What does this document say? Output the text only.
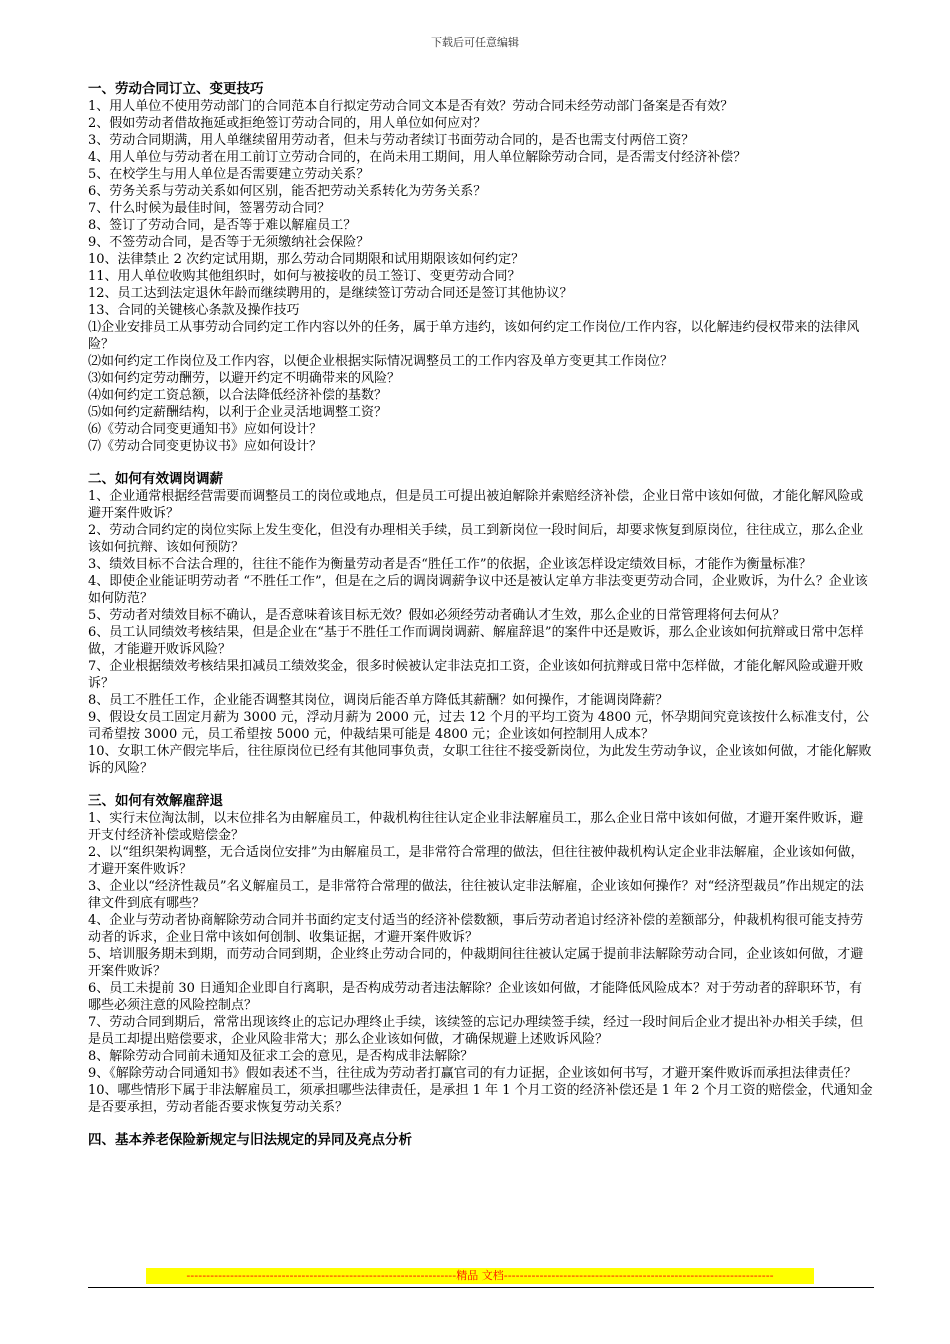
下载后可任意编辑
一、劳动合同订立、变更技巧

1、用人单位不使用劳动部门的合同范本自行拟定劳动合同文本是否有效？劳动合同未经劳动部门备案是否有效？

2、假如劳动者借故拖延或拒绝签订劳动合同的，用人单位如何应对？

3、劳动合同期满，用人单继续留用劳动者，但未与劳动者续订书面劳动合同的，是否也需支付两倍工资？

4、用人单位与劳动者在用工前订立劳动合同的，在尚未用工期间，用人单位解除劳动合同，是否需支付经济补偿？

5、在校学生与用人单位是否需要建立劳动关系？

6、劳务关系与劳动关系如何区别，能否把劳动关系转化为劳务关系？

7、什么时候为最佳时间，签署劳动合同？

8、签订了劳动合同，是否等于难以解雇员工？

9、不签劳动合同，是否等于无须缴纳社会保险？

10、法律禁止 2 次约定试用期，那么劳动合同期限和试用期限该如何约定？

11、用人单位收购其他组织时，如何与被接收的员工签订、变更劳动合同？

12、员工达到法定退休年龄而继续聘用的，是继续签订劳动合同还是签订其他协议？

13、合同的关键核心条款及操作技巧

⑴企业安排员工从事劳动合同约定工作内容以外的任务，属于单方违约，该如何约定工作岗位/工作内容，以化解违约侵权带来的法律风险？

⑵如何约定工作岗位及工作内容，以便企业根据实际情况调整员工的工作内容及单方变更其工作岗位？

⑶如何约定劳动酬劳，以避开约定不明确带来的风险？

⑷如何约定工资总额，以合法降低经济补偿的基数？

⑸如何约定薪酬结构，以利于企业灵活地调整工资？

⑹《劳动合同变更通知书》应如何设计？

⑺《劳动合同变更协议书》应如何设计？

二、如何有效调岗调薪

1、企业通常根据经营需要而调整员工的岗位或地点，但是员工可提出被迫解除并索赔经济补偿，企业日常中该如何做，才能化解风险或避开案件败诉？

2、劳动合同约定的岗位实际上发生变化，但没有办理相关手续，员工到新岗位一段时间后，却要求恢复到原岗位，往往成立，那么企业该如何抗辩、该如何预防？

3、绩效目标不合法合理的，往往不能作为衡量劳动者是否“胜任工作”的依据，企业该怎样设定绩效目标，才能作为衡量标准？

4、即使企业能证明劳动者 “不胜任工作”，但是在之后的调岗调薪争议中还是被认定单方非法变更劳动合同，企业败诉，为什么？企业该如何防范？

5、劳动者对绩效目标不确认，是否意味着该目标无效？假如必须经劳动者确认才生效，那么企业的日常管理将何去何从？

6、员工认同绩效考核结果，但是企业在“基于不胜任工作而调岗调薪、解雇辞退”的案件中还是败诉，那么企业该如何抗辩或日常中怎样做，才能避开败诉风险？

7、企业根据绩效考核结果扣减员工绩效奖金，很多时候被认定非法克扣工资，企业该如何抗辩或日常中怎样做，才能化解风险或避开败诉？

8、员工不胜任工作，企业能否调整其岗位，调岗后能否单方降低其薪酬？如何操作，才能调岗降薪？

9、假设女员工固定月薪为 3000 元，浮动月薪为 2000 元，过去 12 个月的平均工资为 4800 元，怀孕期间究竟该按什么标准支付，公司希望按 3000 元，员工希望按 5000 元，仲裁结果可能是 4800 元；企业该如何控制用人成本？

10、女职工休产假完毕后，往往原岗位已经有其他同事负责，女职工往往不接受新岗位，为此发生劳动争议，企业该如何做，才能化解败诉的风险？

三、如何有效解雇辞退

1、实行末位淘汰制，以末位排名为由解雇员工，仲裁机构往往认定企业非法解雇员工，那么企业日常中该如何做，才避开案件败诉，避开支付经济补偿或赔偿金？

2、以“组织架构调整，无合适岗位安排”为由解雇员工，是非常符合常理的做法，但往往被仲裁机构认定企业非法解雇，企业该如何做，才避开案件败诉？

3、企业以“经济性裁员”名义解雇员工，是非常符合常理的做法，往往被认定非法解雇，企业该如何操作？对“经济型裁员”作出规定的法律文件到底有哪些？

4、企业与劳动者协商解除劳动合同并书面约定支付适当的经济补偿数额，事后劳动者追讨经济补偿的差额部分，仲裁机构很可能支持劳动者的诉求，企业日常中该如何创制、收集证据，才避开案件败诉？

5、培训服务期未到期，而劳动合同到期，企业终止劳动合同的，仲裁期间往往被认定属于提前非法解除劳动合同，企业该如何做，才避开案件败诉？

6、员工未提前 30 日通知企业即自行离职，是否构成劳动者违法解除？企业该如何做，才能降低风险成本？对于劳动者的辞职环节，有哪些必须注意的风险控制点？

7、劳动合同到期后，常常出现该终止的忘记办理终止手续，该续签的忘记办理续签手续，经过一段时间后企业才提出补办相关手续，但是员工却提出赔偿要求，企业风险非常大；那么企业该如何做，才确保规避上述败诉风险？

8、解除劳动合同前未通知及征求工会的意见，是否构成非法解除？

9、《解除劳动合同通知书》假如表述不当，往往成为劳动者打赢官司的有力证据，企业该如何书写，才避开案件败诉而承担法律责任？

10、哪些情形下属于非法解雇员工，须承担哪些法律责任，是承担 1 年 1 个月工资的经济补偿还是 1 年 2 个月工资的赔偿金，代通知金是否要承担，劳动者能否要求恢复劳动关系？

四、基本养老保险新规定与旧法规定的异同及亮点分析
--------------------------------------------------------------------精品 文档--------------------------------------------------------------------
